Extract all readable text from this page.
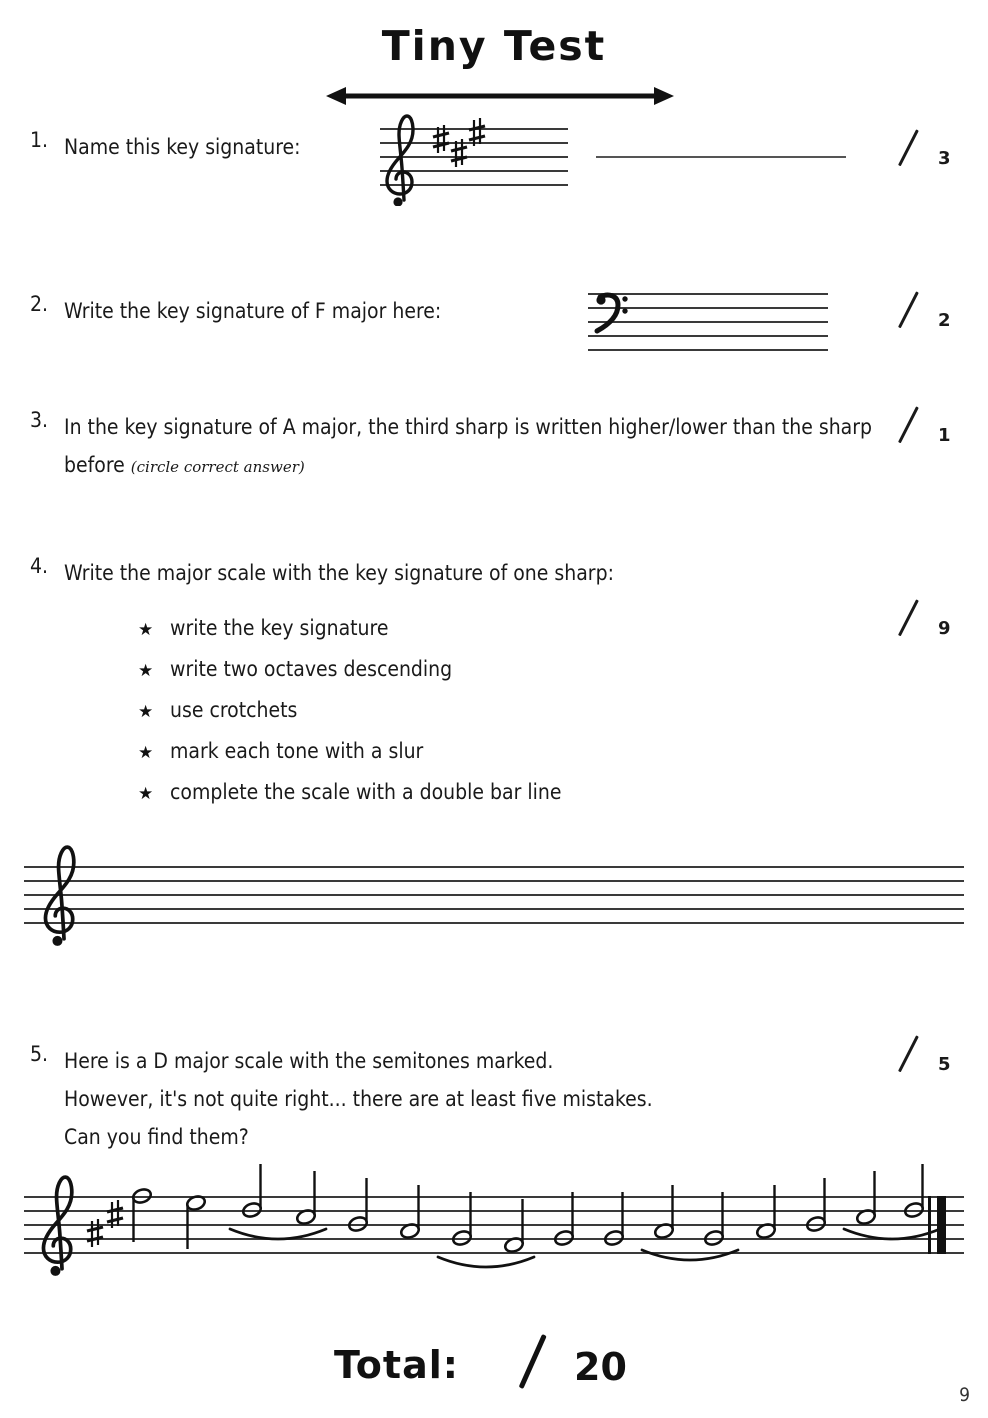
Tiny Test
1. Name this key signature:	3
2. Write the key signature of F major here:	2
3. In the key signature of A major, the third sharp is written higher/lower than the sharp before (circle correct answer)
1
4. Write the major scale with the key signature of one sharp:
9
★ write the key signature
★ write two octaves descending
★ use crotchets
★ mark each tone with a slur
★ complete the scale with a double bar line
5. Here is a D major scale with the semitones marked.
However, it's not quite right... there are at least five mistakes.
Can you find them?
5
Total:	20
9
